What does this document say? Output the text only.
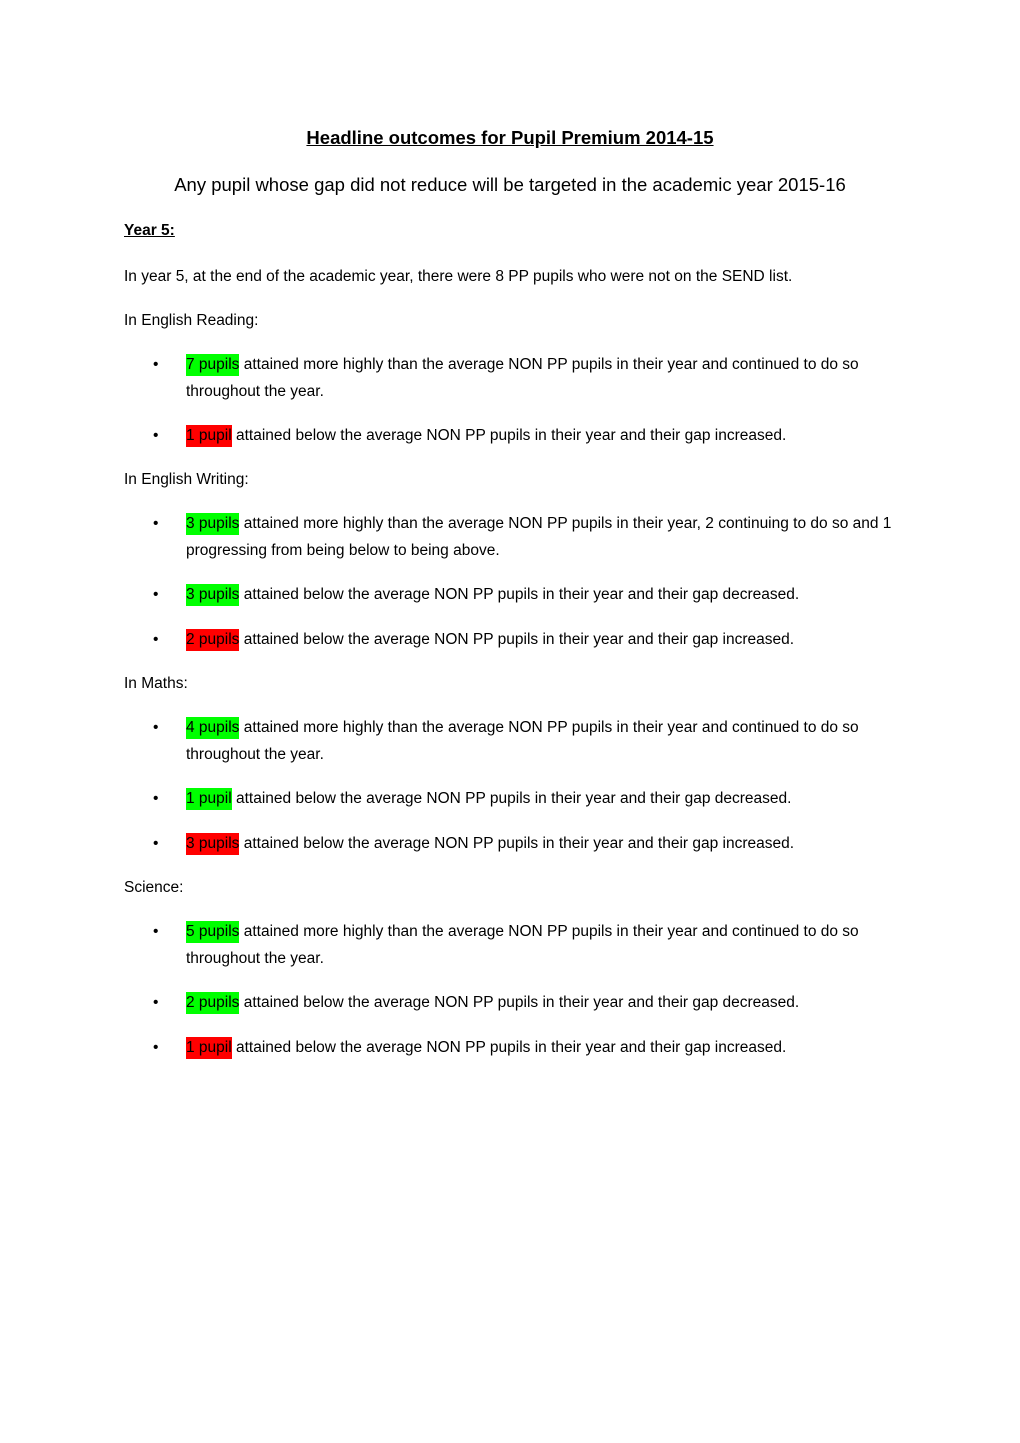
Headline outcomes for Pupil Premium 2014-15
Any pupil whose gap did not reduce will be targeted in the academic year 2015-16
Year 5:
In year 5, at the end of the academic year, there were 8 PP pupils who were not on the SEND list.
In English Reading:
•	7 pupils attained more highly than the average NON PP pupils in their year and continued to do so throughout the year.
•	1 pupil attained below the average NON PP pupils in their year and their gap increased.
In English Writing:
•	3 pupils attained more highly than the average NON PP pupils in their year, 2 continuing to do so and 1 progressing from being below to being above.
•	3 pupils attained below the average NON PP pupils in their year and their gap decreased.
•	2 pupils attained below the average NON PP pupils in their year and their gap increased.
In Maths:
•	4 pupils attained more highly than the average NON PP pupils in their year and continued to do so throughout the year.
•	1 pupil attained below the average NON PP pupils in their year and their gap decreased.
•	3 pupils attained below the average NON PP pupils in their year and their gap increased.
Science:
•	5 pupils attained more highly than the average NON PP pupils in their year and continued to do so throughout the year.
•	2 pupils attained below the average NON PP pupils in their year and their gap decreased.
•	1 pupil attained below the average NON PP pupils in their year and their gap increased.
